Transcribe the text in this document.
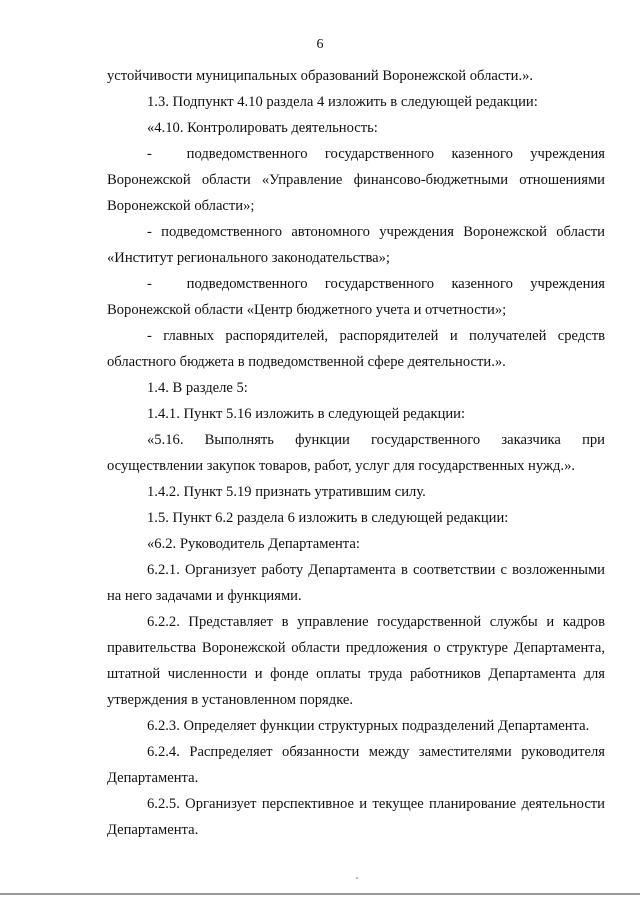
6

устойчивости муниципальных образований Воронежской области.».

1.3. Подпункт 4.10 раздела 4 изложить в следующей редакции:

«4.10. Контролировать деятельность:

-  подведомственного государственного казенного учреждения Воронежской области «Управление финансово-бюджетными отношениями Воронежской области»;

- подведомственного автономного учреждения Воронежской области «Институт регионального законодательства»;

-  подведомственного государственного казенного учреждения Воронежской области «Центр бюджетного учета и отчетности»;

- главных распорядителей, распорядителей и получателей средств областного бюджета в подведомственной сфере деятельности.».

1.4. В разделе 5:

1.4.1. Пункт 5.16 изложить в следующей редакции:

«5.16. Выполнять функции государственного заказчика при осуществлении закупок товаров, работ, услуг для государственных нужд.».

1.4.2. Пункт 5.19 признать утратившим силу.

1.5. Пункт 6.2 раздела 6 изложить в следующей редакции:

«6.2. Руководитель Департамента:

6.2.1. Организует работу Департамента в соответствии с возложенными на него задачами и функциями.

6.2.2. Представляет в управление государственной службы и кадров правительства Воронежской области предложения о структуре Департамента, штатной численности и фонде оплаты труда работников Департамента для утверждения в установленном порядке.

6.2.3. Определяет функции структурных подразделений Департамента.

6.2.4. Распределяет обязанности между заместителями руководителя Департамента.

6.2.5. Организует перспективное и текущее планирование деятельности Департамента.
